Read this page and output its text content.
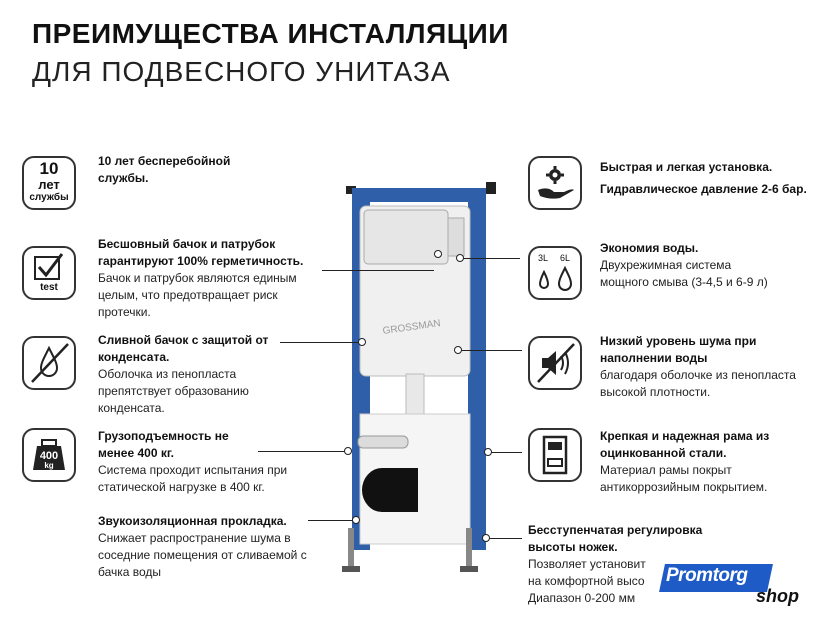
ПРЕИМУЩЕСТВА ИНСТАЛЛЯЦИИ
ДЛЯ ПОДВЕСНОГО УНИТАЗА
10
лет
службы
test
400
kg
3L 6L
10 лет бесперебойной службы.
Бесшовный бачок и патрубок гарантируют 100% герметичность.
Бачок и патрубок являются единым целым, что предотвращает риск протечки.
Сливной бачок с защитой от конденсата.
Оболочка из пенопласта препятствует образованию конденсата.
Грузоподъемность не менее 400 кг.
Система проходит испытания при статической нагрузке в 400 кг.
Звукоизоляционная прокладка.
Снижает распространение шума в соседние помещения от сливаемой с бачка воды
Быстрая и легкая установка.
Гидравлическое давление 2-6 бар.
Экономия воды.
Двухрежимная система мощного смыва (3-4,5 и 6-9 л)
Низкий уровень шума при наполнении воды
благодаря оболочке из пенопласта высокой плотности.
Крепкая и надежная рама из оцинкованной стали.
Материал рамы покрыт антикоррозийным покрытием.
Бесступенчатая регулировка высоты ножек.
Позволяет установит на комфортной высо Диапазон 0-200 мм
GROSSMAN
Promtorg
shop
